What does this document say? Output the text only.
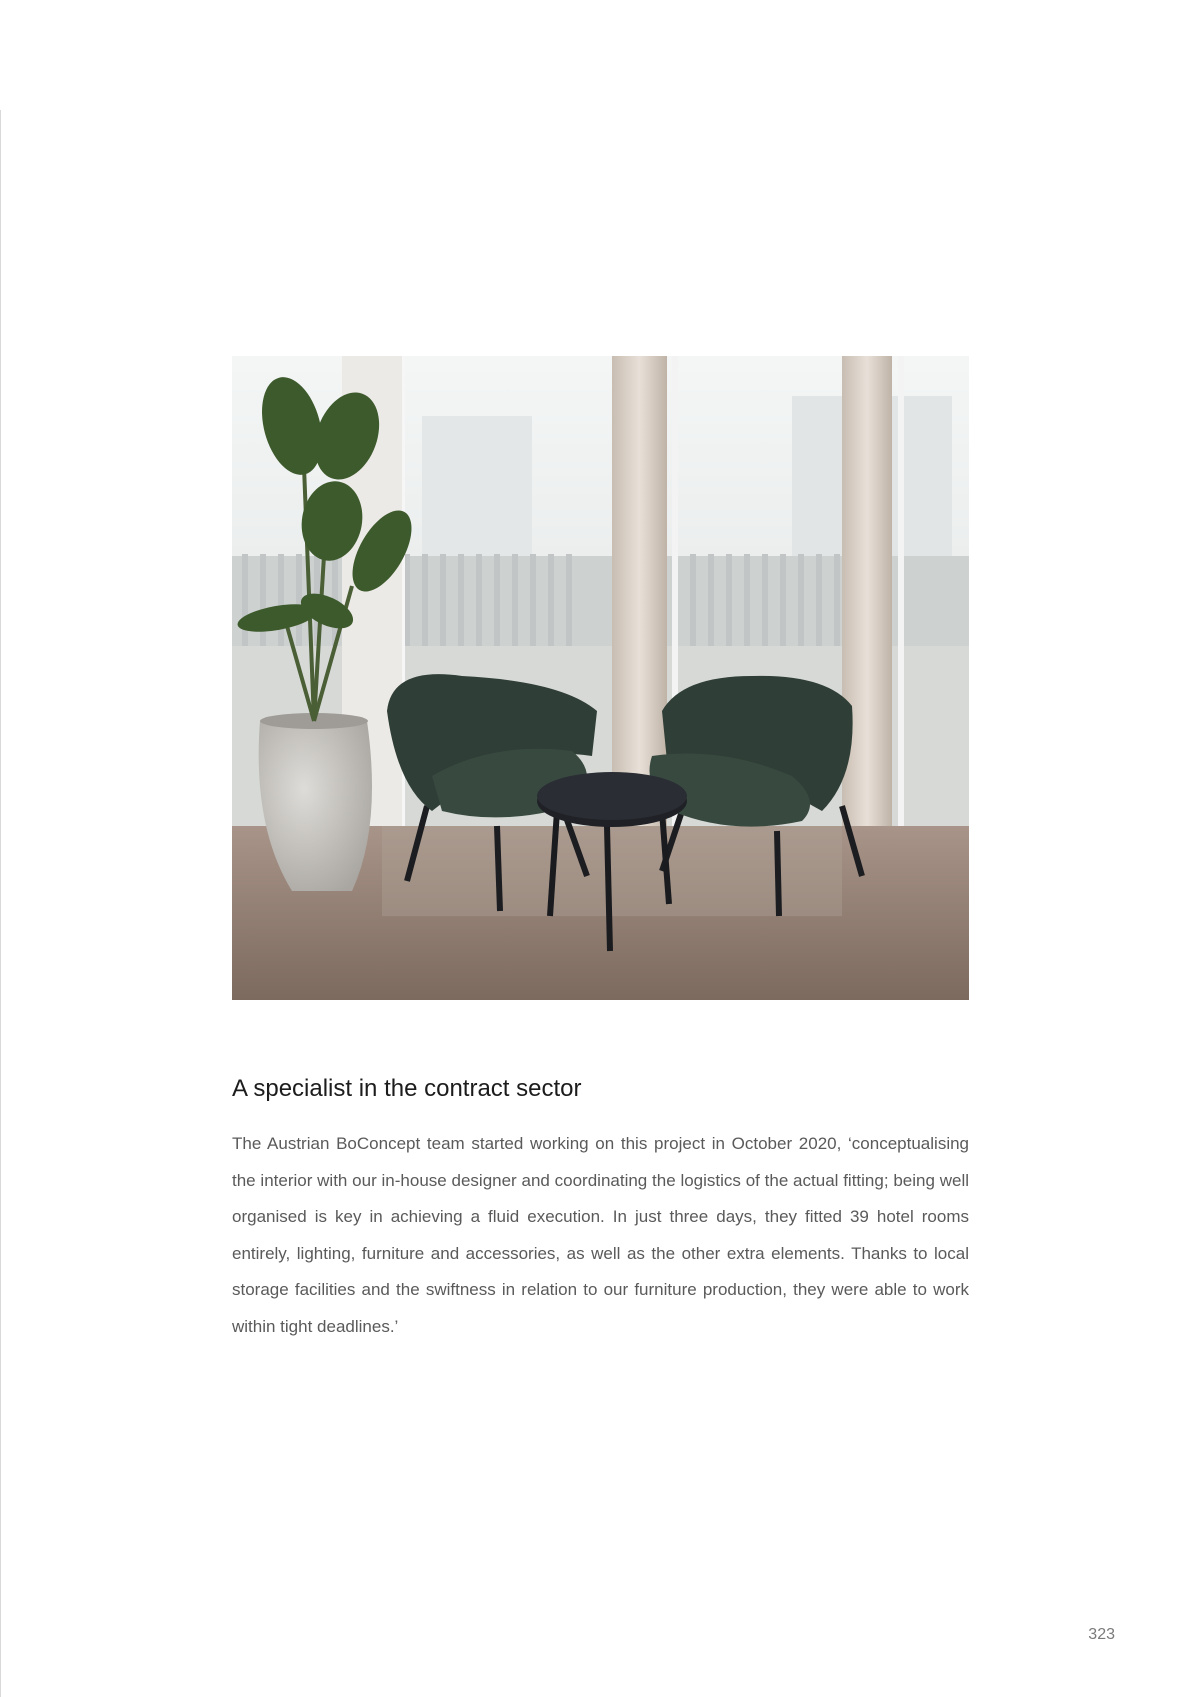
A specialist in the contract sector

The Austrian BoConcept team started working on this project in October 2020, ‘conceptualising the interior with our in-house designer and coordinating the logistics of the actual fitting; being well organised is key in achieving a fluid execution. In just three days, they fitted 39 hotel rooms entirely, lighting, furniture and accessories, as well as the other extra elements. Thanks to local storage facilities and the swiftness in relation to our furniture production, they were able to work within tight deadlines.’

323
